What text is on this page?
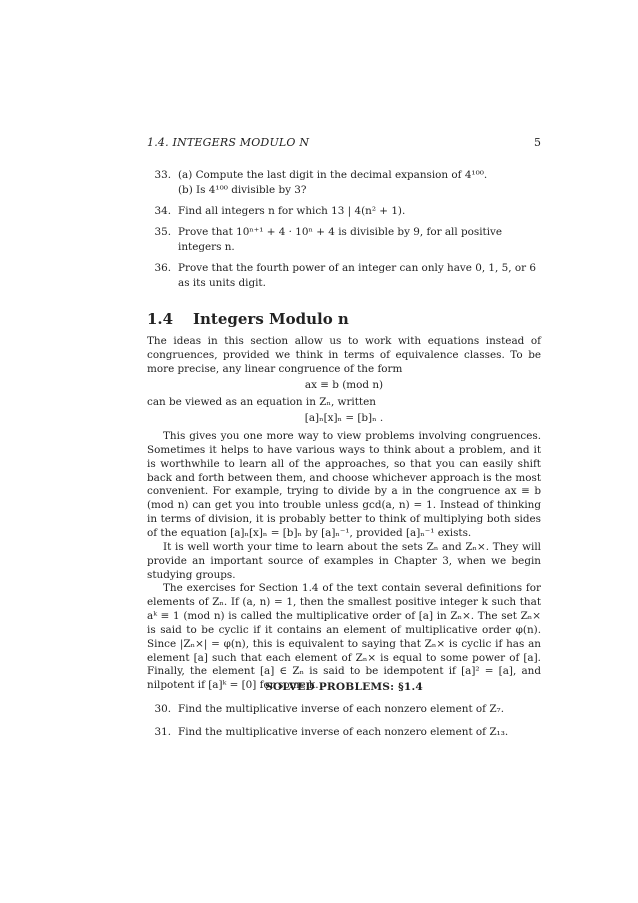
1.4. INTEGERS MODULO N	5
33. (a) Compute the last digit in the decimal expansion of 4¹⁰⁰.
(b) Is 4¹⁰⁰ divisible by 3?
34. Find all integers n for which 13 | 4(n² + 1).
35. Prove that 10ⁿ⁺¹ + 4 · 10ⁿ + 4 is divisible by 9, for all positive integers n.
36. Prove that the fourth power of an integer can only have 0, 1, 5, or 6 as its units digit.
1.4 Integers Modulo n

The ideas in this section allow us to work with equations instead of congruences, provided we think in terms of equivalence classes. To be more precise, any linear congruence of the form

ax ≡ b (mod n)

can be viewed as an equation in Zₙ, written

[a]ₙ[x]ₙ = [b]ₙ .

This gives you one more way to view problems involving congruences. Sometimes it helps to have various ways to think about a problem, and it is worthwhile to learn all of the approaches, so that you can easily shift back and forth between them, and choose whichever approach is the most convenient. For example, trying to divide by a in the congruence ax ≡ b (mod n) can get you into trouble unless gcd(a, n) = 1. Instead of thinking in terms of division, it is probably better to think of multiplying both sides of the equation [a]ₙ[x]ₙ = [b]ₙ by [a]ₙ⁻¹, provided [a]ₙ⁻¹ exists.

It is well worth your time to learn about the sets Zₙ and Zₙ×. They will provide an important source of examples in Chapter 3, when we begin studying groups.

The exercises for Section 1.4 of the text contain several definitions for elements of Zₙ. If (a, n) = 1, then the smallest positive integer k such that aᵏ ≡ 1 (mod n) is called the multiplicative order of [a] in Zₙ×. The set Zₙ× is said to be cyclic if it contains an element of multiplicative order φ(n). Since |Zₙ×| = φ(n), this is equivalent to saying that Zₙ× is cyclic if has an element [a] such that each element of Zₙ× is equal to some power of [a]. Finally, the element [a] ∈ Zₙ is said to be idempotent if [a]² = [a], and nilpotent if [a]ᵏ = [0] for some k.

SOLVED PROBLEMS: §1.4
30. Find the multiplicative inverse of each nonzero element of Z₇.
31. Find the multiplicative inverse of each nonzero element of Z₁₃.
